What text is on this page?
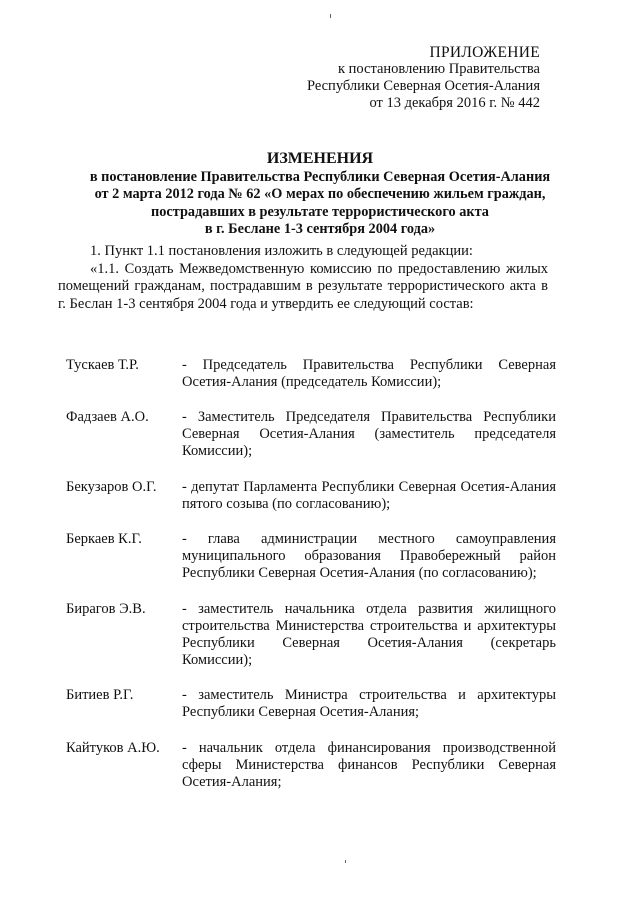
ПРИЛОЖЕНИЕ
к постановлению Правительства
Республики Северная Осетия-Алания
от 13 декабря 2016 г. № 442
ИЗМЕНЕНИЯ
в постановление Правительства Республики Северная Осетия-Алания
от 2 марта 2012 года № 62 «О мерах по обеспечению жильем граждан,
пострадавших в результате террористического акта
в г. Беслане 1-3 сентября 2004 года»

1. Пункт 1.1 постановления изложить в следующей редакции:

«1.1. Создать Межведомственную комиссию по предоставлению жилых помещений гражданам, пострадавшим в результате террористического акта в г. Беслан 1-3 сентября 2004 года и утвердить ее следующий состав:

Тускаев Т.Р.	- Председатель Правительства Республики Северная Осетия-Алания (председатель Комиссии);
Фадзаев А.О.	- Заместитель Председателя Правительства Республики Северная Осетия-Алания (заместитель председателя Комиссии);
Бекузаров О.Г.	- депутат Парламента Республики Северная Осетия-Алания пятого созыва (по согласованию);
Беркаев К.Г.	- глава администрации местного самоуправления муниципального образования Правобережный район Республики Северная Осетия-Алания (по согласованию);
Бирагов Э.В.	- заместитель начальника отдела развития жилищного строительства Министерства строительства и архитектуры Республики Северная Осетия-Алания (секретарь Комиссии);
Битиев Р.Г.	- заместитель Министра строительства и архитектуры Республики Северная Осетия-Алания;
Кайтуков А.Ю.	- начальник отдела финансирования производственной сферы Министерства финансов Республики Северная Осетия-Алания;
